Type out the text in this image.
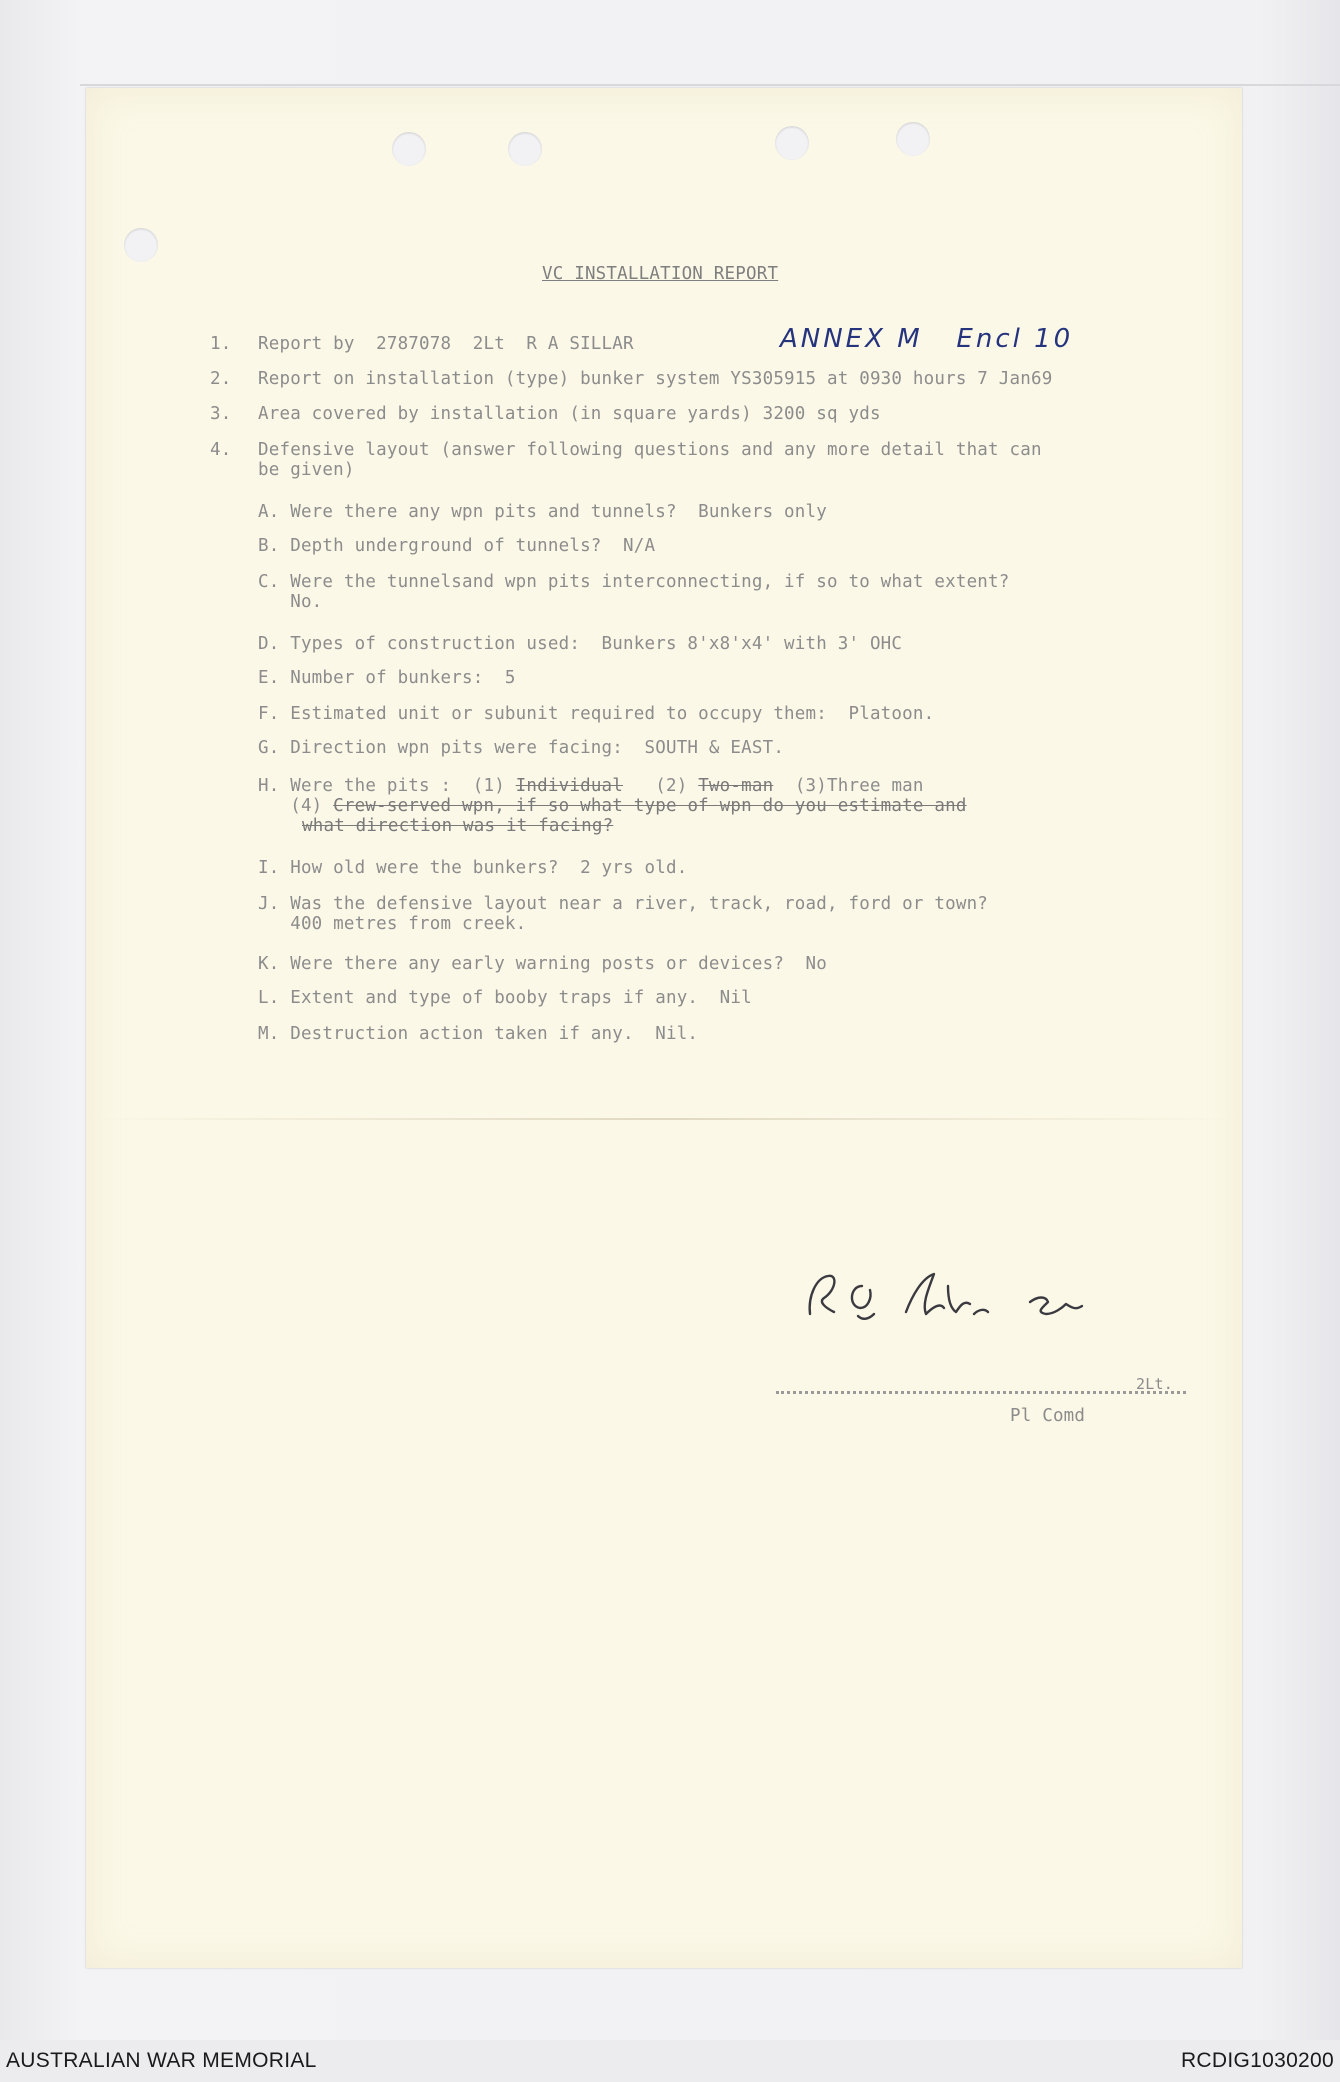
VC INSTALLATION REPORT
ANNEX M   Encl 10
1. Report by  2787078  2Lt  R A SILLAR
2. Report on installation (type) bunker system YS305915 at 0930 hours 7 Jan69
3. Area covered by installation (in square yards) 3200 sq yds
4. Defensive layout (answer following questions and any more detail that can
be given)
A. Were there any wpn pits and tunnels?  Bunkers only
B. Depth underground of tunnels?  N/A
C. Were the tunnelsand wpn pits interconnecting, if so to what extent?
No.
D. Types of construction used:  Bunkers 8'x8'x4' with 3' OHC
E. Number of bunkers:  5
F. Estimated unit or subunit required to occupy them:  Platoon.
G. Direction wpn pits were facing:  SOUTH & EAST.
H. Were the pits :  (1) Individual   (2) Two-man  (3)Three man
(4) Crew-served wpn, if so what type of wpn do you estimate and
what direction was it facing?
I. How old were the bunkers?  2 yrs old.
J. Was the defensive layout near a river, track, road, ford or town?
400 metres from creek.
K. Were there any early warning posts or devices?  No
L. Extent and type of booby traps if any.  Nil
M. Destruction action taken if any.  Nil.
2Lt.
Pl Comd
AUSTRALIAN WAR MEMORIAL	RCDIG1030200
